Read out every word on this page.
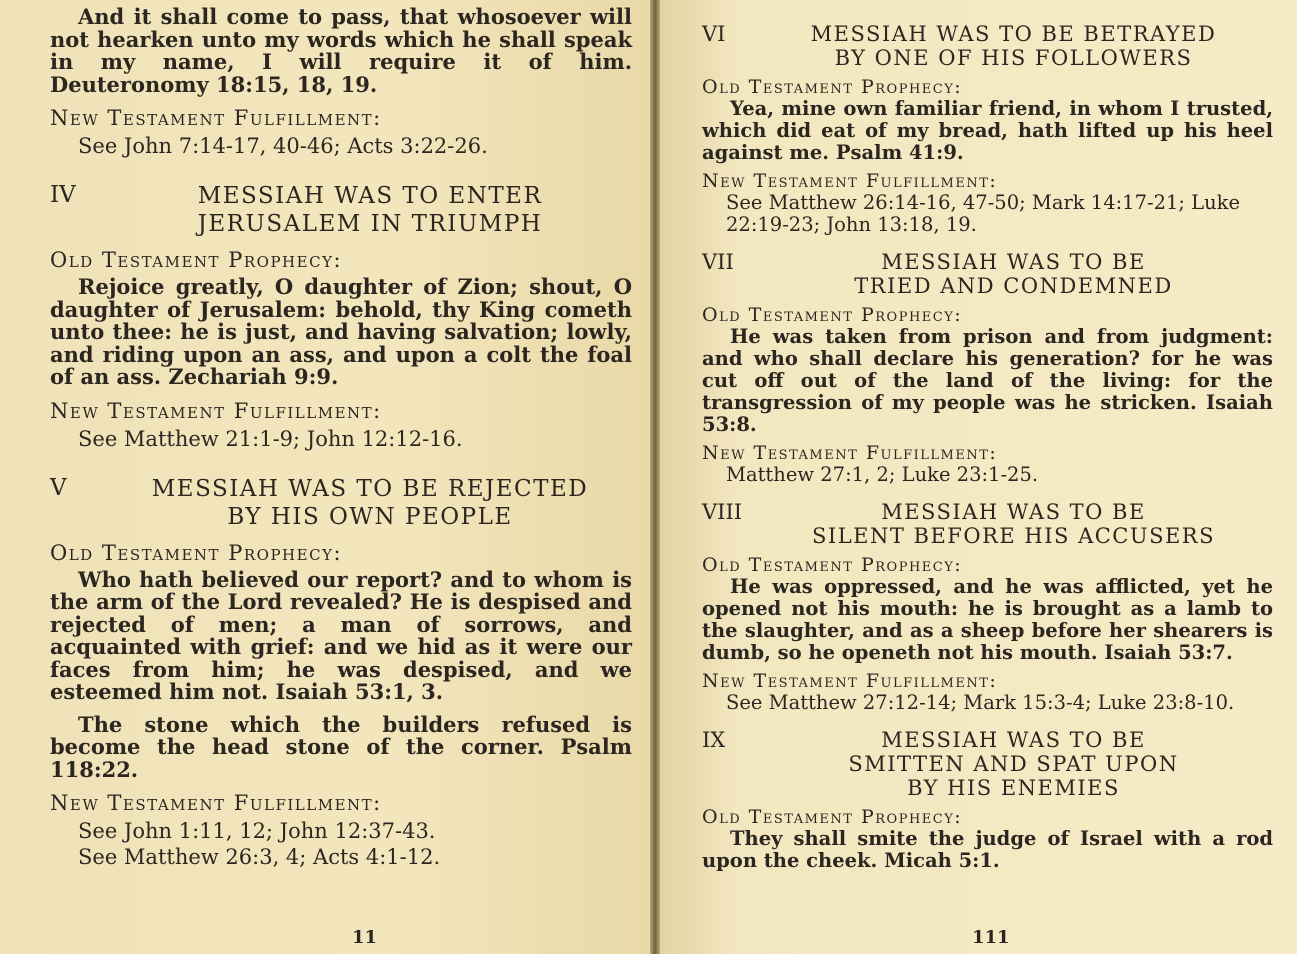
And it shall come to pass, that whosoever will not hearken unto my words which he shall speak in my name, I will require it of him. Deuteronomy 18:15, 18, 19.

New Testament Fulfillment:
See John 7:14-17, 40-46; Acts 3:22-26.
IV	MESSIAH WAS TO ENTER
JERUSALEM IN TRIUMPH
Old Testament Prophecy:

Rejoice greatly, O daughter of Zion; shout, O daughter of Jerusalem: behold, thy King cometh unto thee: he is just, and having salvation; lowly, and riding upon an ass, and upon a colt the foal of an ass. Zechariah 9:9.

New Testament Fulfillment:
See Matthew 21:1-9; John 12:12-16.
V	MESSIAH WAS TO BE REJECTED
BY HIS OWN PEOPLE
Old Testament Prophecy:

Who hath believed our report? and to whom is the arm of the Lord revealed? He is despised and rejected of men; a man of sorrows, and acquainted with grief: and we hid as it were our faces from him; he was despised, and we esteemed him not. Isaiah 53:1, 3.

The stone which the builders refused is become the head stone of the corner. Psalm 118:22.

New Testament Fulfillment:
See John 1:11, 12; John 12:37-43.
See Matthew 26:3, 4; Acts 4:1-12.
11
VI	MESSIAH WAS TO BE BETRAYED
BY ONE OF HIS FOLLOWERS
Old Testament Prophecy:

Yea, mine own familiar friend, in whom I trusted, which did eat of my bread, hath lifted up his heel against me. Psalm 41:9.

New Testament Fulfillment:
See Matthew 26:14-16, 47-50; Mark 14:17-21; Luke 22:19-23; John 13:18, 19.
VII	MESSIAH WAS TO BE
TRIED AND CONDEMNED
Old Testament Prophecy:

He was taken from prison and from judgment: and who shall declare his generation? for he was cut off out of the land of the living: for the transgression of my people was he stricken. Isaiah 53:8.

New Testament Fulfillment:
Matthew 27:1, 2; Luke 23:1-25.
VIII	MESSIAH WAS TO BE
SILENT BEFORE HIS ACCUSERS
Old Testament Prophecy:

He was oppressed, and he was afflicted, yet he opened not his mouth: he is brought as a lamb to the slaughter, and as a sheep before her shearers is dumb, so he openeth not his mouth. Isaiah 53:7.

New Testament Fulfillment:
See Matthew 27:12-14; Mark 15:3-4; Luke 23:8-10.
IX	MESSIAH WAS TO BE
SMITTEN AND SPAT UPON
BY HIS ENEMIES
Old Testament Prophecy:

They shall smite the judge of Israel with a rod upon the cheek. Micah 5:1.

111
